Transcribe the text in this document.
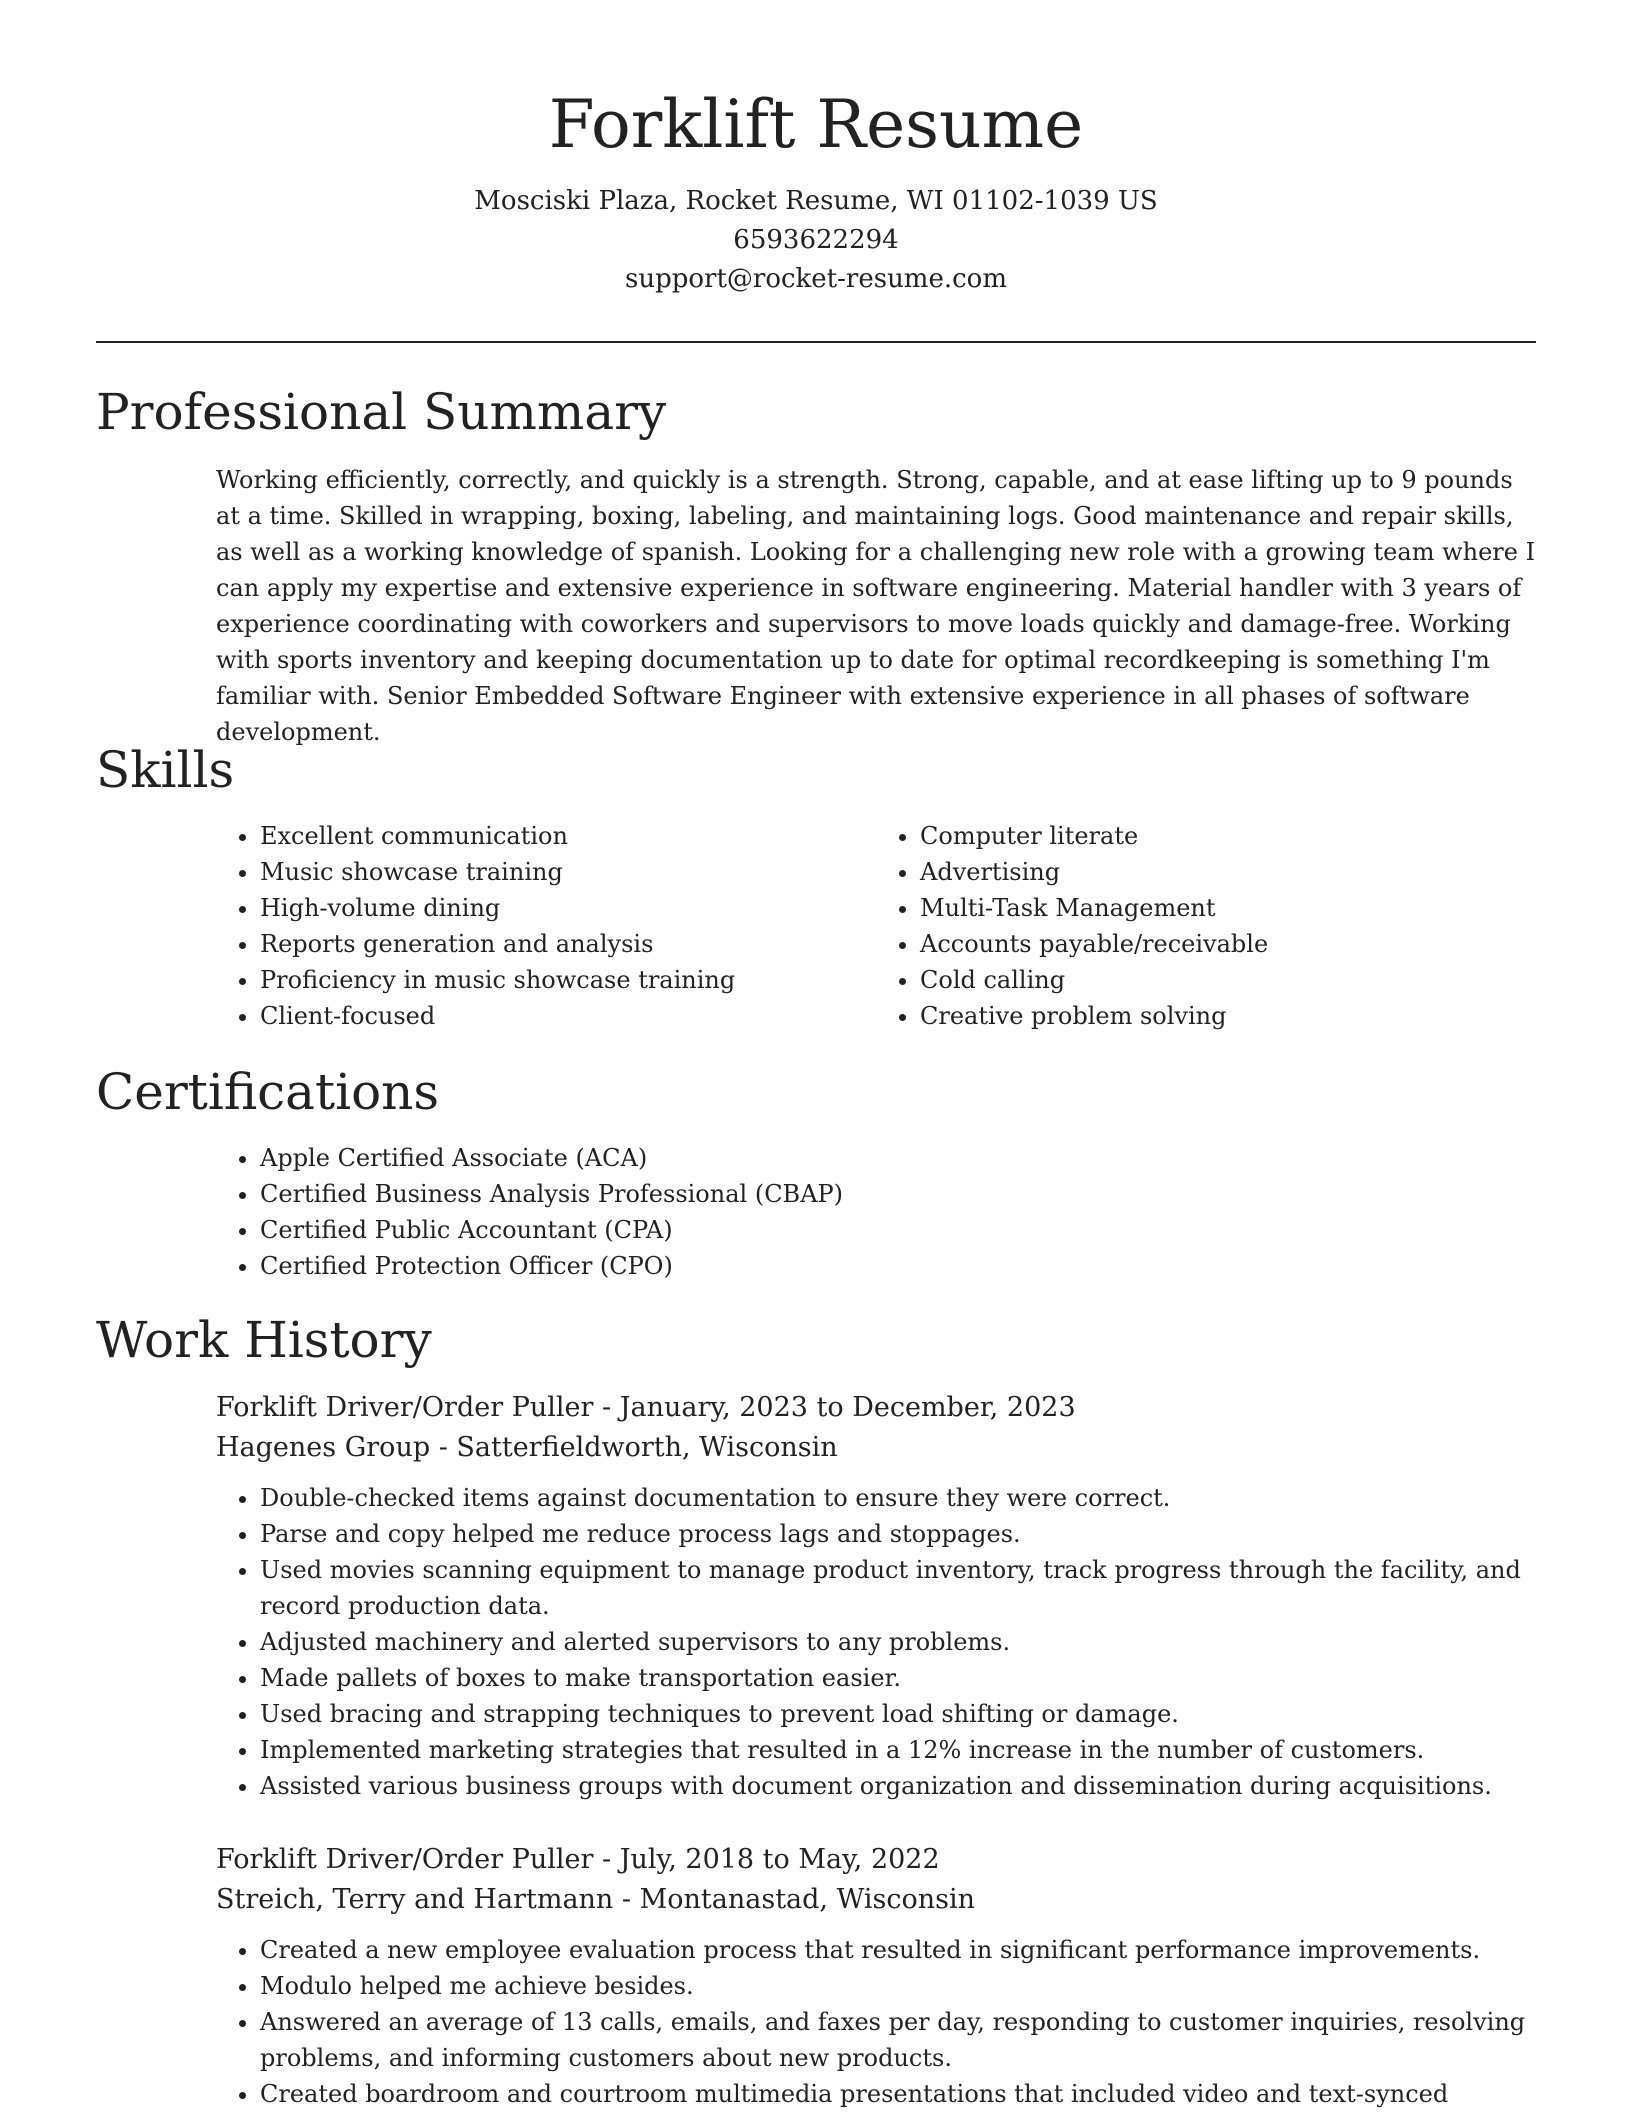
Forklift Resume
Mosciski Plaza, Rocket Resume, WI 01102-1039 US
6593622294
support@rocket-resume.com
Professional Summary

Working efficiently, correctly, and quickly is a strength. Strong, capable, and at ease lifting up to 9 pounds at a time. Skilled in wrapping, boxing, labeling, and maintaining logs. Good maintenance and repair skills, as well as a working knowledge of spanish. Looking for a challenging new role with a growing team where I can apply my expertise and extensive experience in software engineering. Material handler with 3 years of experience coordinating with coworkers and supervisors to move loads quickly and damage-free. Working with sports inventory and keeping documentation up to date for optimal recordkeeping is something I'm familiar with. Senior Embedded Software Engineer with extensive experience in all phases of software development.

Skills
• Excellent communication
• Music showcase training
• High-volume dining
• Reports generation and analysis
• Proficiency in music showcase training
• Client-focused
• Computer literate
• Advertising
• Multi-Task Management
• Accounts payable/receivable
• Cold calling
• Creative problem solving
Certifications
• Apple Certified Associate (ACA)
• Certified Business Analysis Professional (CBAP)
• Certified Public Accountant (CPA)
• Certified Protection Officer (CPO)
Work History
Forklift Driver/Order Puller - January, 2023 to December, 2023
Hagenes Group - Satterfieldworth, Wisconsin
• Double-checked items against documentation to ensure they were correct.
• Parse and copy helped me reduce process lags and stoppages.
• Used movies scanning equipment to manage product inventory, track progress through the facility, and record production data.
• Adjusted machinery and alerted supervisors to any problems.
• Made pallets of boxes to make transportation easier.
• Used bracing and strapping techniques to prevent load shifting or damage.
• Implemented marketing strategies that resulted in a 12% increase in the number of customers.
• Assisted various business groups with document organization and dissemination during acquisitions.
Forklift Driver/Order Puller - July, 2018 to May, 2022
Streich, Terry and Hartmann - Montanastad, Wisconsin
• Created a new employee evaluation process that resulted in significant performance improvements.
• Modulo helped me achieve besides.
• Answered an average of 13 calls, emails, and faxes per day, responding to customer inquiries, resolving problems, and informing customers about new products.
• Created boardroom and courtroom multimedia presentations that included video and text-synced
